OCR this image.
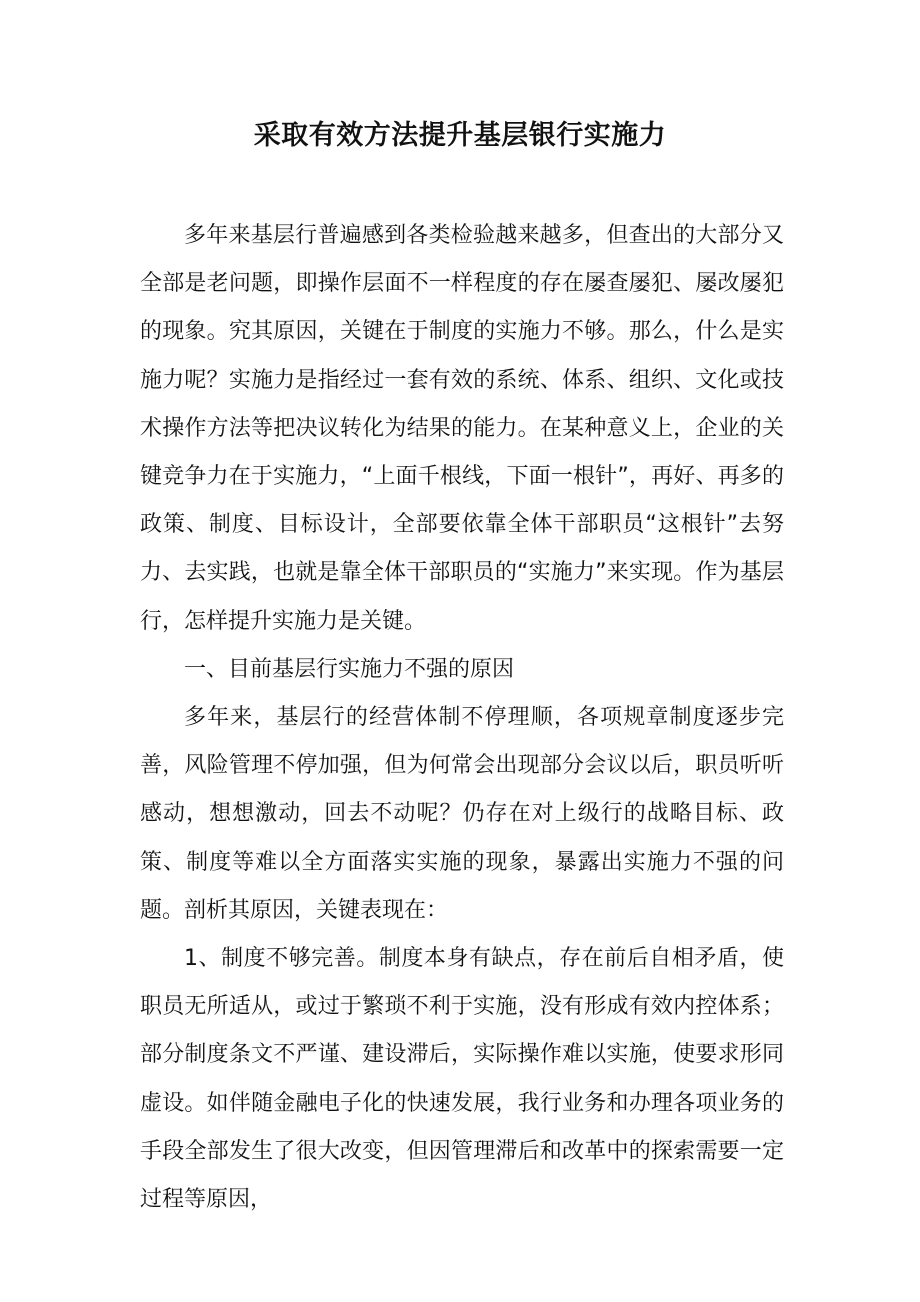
采取有效方法提升基层银行实施力

多年来基层行普遍感到各类检验越来越多，但查出的大部分又全部是老问题，即操作层面不一样程度的存在屡查屡犯、屡改屡犯的现象。究其原因，关键在于制度的实施力不够。那么，什么是实施力呢？实施力是指经过一套有效的系统、体系、组织、文化或技术操作方法等把决议转化为结果的能力。在某种意义上，企业的关键竞争力在于实施力，“上面千根线，下面一根针”，再好、再多的政策、制度、目标设计，全部要依靠全体干部职员“这根针”去努力、去实践，也就是靠全体干部职员的“实施力”来实现。作为基层行，怎样提升实施力是关键。

一、目前基层行实施力不强的原因

多年来，基层行的经营体制不停理顺，各项规章制度逐步完善，风险管理不停加强，但为何常会出现部分会议以后，职员听听感动，想想激动，回去不动呢？仍存在对上级行的战略目标、政策、制度等难以全方面落实实施的现象，暴露出实施力不强的问题。剖析其原因，关键表现在：

1、制度不够完善。制度本身有缺点，存在前后自相矛盾，使职员无所适从，或过于繁琐不利于实施，没有形成有效内控体系；部分制度条文不严谨、建设滞后，实际操作难以实施，使要求形同虚设。如伴随金融电子化的快速发展，我行业务和办理各项业务的手段全部发生了很大改变，但因管理滞后和改革中的探索需要一定过程等原因，
